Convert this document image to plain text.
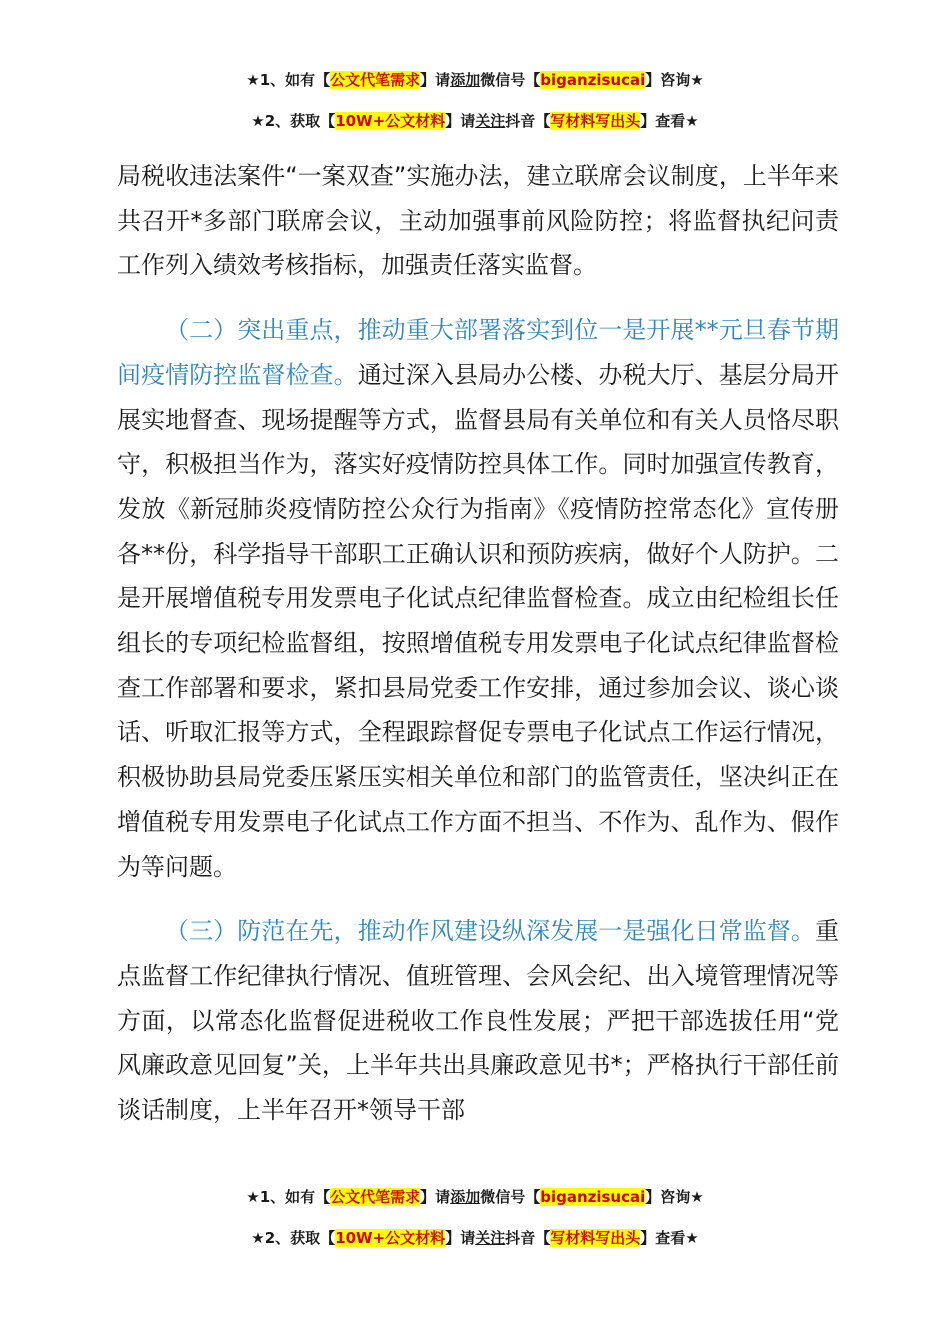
★1、如有【公文代笔需求】请添加微信号【biganzisucai】咨询★
★2、获取【10W+公文材料】请关注抖音【写材料写出头】查看★

局税收违法案件“一案双查”实施办法，建立联席会议制度，上半年来共召开*多部门联席会议，主动加强事前风险防控；将监督执纪问责工作列入绩效考核指标，加强责任落实监督。

（二）突出重点，推动重大部署落实到位一是开展**元旦春节期间疫情防控监督检查。通过深入县局办公楼、办税大厅、基层分局开展实地督查、现场提醒等方式，监督县局有关单位和有关人员恪尽职守，积极担当作为，落实好疫情防控具体工作。同时加强宣传教育，发放《新冠肺炎疫情防控公众行为指南》《疫情防控常态化》宣传册各**份，科学指导干部职工正确认识和预防疾病，做好个人防护。二是开展增值税专用发票电子化试点纪律监督检查。成立由纪检组长任组长的专项纪检监督组，按照增值税专用发票电子化试点纪律监督检查工作部署和要求，紧扣县局党委工作安排，通过参加会议、谈心谈话、听取汇报等方式，全程跟踪督促专票电子化试点工作运行情况，积极协助县局党委压紧压实相关单位和部门的监管责任，坚决纠正在增值税专用发票电子化试点工作方面不担当、不作为、乱作为、假作为等问题。

（三）防范在先，推动作风建设纵深发展一是强化日常监督。重点监督工作纪律执行情况、值班管理、会风会纪、出入境管理情况等方面，以常态化监督促进税收工作良性发展；严把干部选拔任用“党风廉政意见回复”关，上半年共出具廉政意见书*；严格执行干部任前谈话制度，上半年召开*领导干部

★1、如有【公文代笔需求】请添加微信号【biganzisucai】咨询★
★2、获取【10W+公文材料】请关注抖音【写材料写出头】查看★
